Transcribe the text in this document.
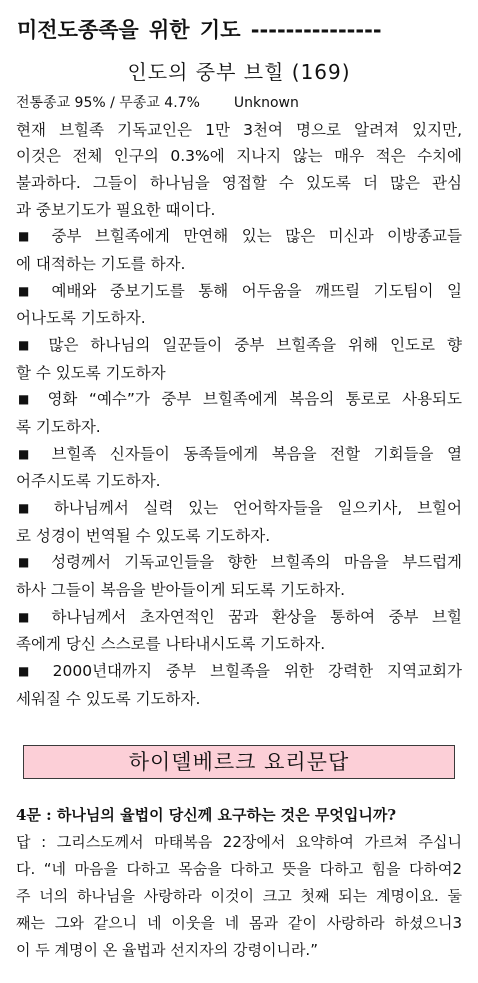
미전도종족을 위한 기도 ---------------
인도의 중부 브힐 (169)
전통종교 95% / 무종교 4.7% Unknown
현재 브힐족 기독교인은 1만 3천여 명으로 알려져 있지만,
이것은 전체 인구의 0.3%에 지나지 않는 매우 적은 수치에
불과하다. 그들이 하나님을 영접할 수 있도록 더 많은 관심
과 중보기도가 필요한 때이다.
■ 중부 브힐족에게 만연해 있는 많은 미신과 이방종교들
에 대적하는 기도를 하자.
■ 예배와 중보기도를 통해 어두움을 깨뜨릴 기도팀이 일
어나도록 기도하자.
■ 많은 하나님의 일꾼들이 중부 브힐족을 위해 인도로 향
할 수 있도록 기도하자
■ 영화 “예수”가 중부 브힐족에게 복음의 통로로 사용되도
록 기도하자.
■ 브힐족 신자들이 동족들에게 복음을 전할 기회들을 열
어주시도록 기도하자.
■ 하나님께서 실력 있는 언어학자들을 일으키사, 브힐어
로 성경이 번역될 수 있도록 기도하자.
■ 성령께서 기독교인들을 향한 브힐족의 마음을 부드럽게
하사 그들이 복음을 받아들이게 되도록 기도하자.
■ 하나님께서 초자연적인 꿈과 환상을 통하여 중부 브힐
족에게 당신 스스로를 나타내시도록 기도하자.
■ 2000년대까지 중부 브힐족을 위한 강력한 지역교회가
세워질 수 있도록 기도하자.
하이델베르크 요리문답
4문 : 하나님의 율법이 당신께 요구하는 것은 무엇입니까?
답 : 그리스도께서 마태복음 22장에서 요약하여 가르쳐 주십니
다. “네 마음을 다하고 목숨을 다하고 뜻을 다하고 힘을 다하여2
주 너의 하나님을 사랑하라 이것이 크고 첫째 되는 계명이요. 둘
째는 그와 같으니 네 이웃을 네 몸과 같이 사랑하라 하셨으니3
이 두 계명이 온 율법과 선지자의 강령이니라.”
